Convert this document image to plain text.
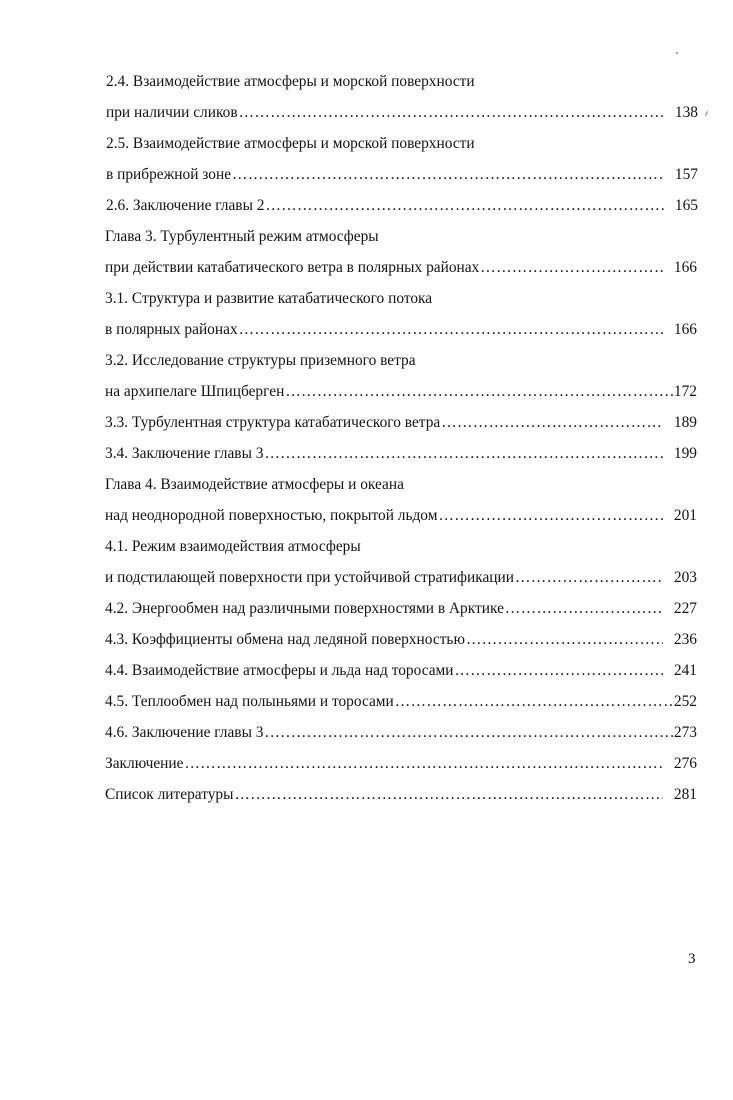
2.4. Взаимодействие атмосферы и морской поверхности
при наличии сликов ………………………………………………………………………………………………………………………………………………………………………………………	138
2.5. Взаимодействие атмосферы и морской поверхности
в прибрежной зоне ………………………………………………………………………………………………………………………………………………………………………………………	157
2.6. Заключение главы 2 ………………………………………………………………………………………………………………………………………………………………………………………	165
Глава 3. Турбулентный режим атмосферы
при действии катабатического ветра в полярных районах ………………………………………………………………………………………………………………………………………………………………………………………	166
3.1. Структура и развитие катабатического потока
в полярных районах ………………………………………………………………………………………………………………………………………………………………………………………	166
3.2. Исследование структуры приземного ветра
на архипелаге Шпицберген ………………………………………………………………………………………………………………………………………………………………………………………	172
3.3. Турбулентная структура катабатического ветра ………………………………………………………………………………………………………………………………………………………………………………………	189
3.4. Заключение главы 3 ………………………………………………………………………………………………………………………………………………………………………………………	199
Глава 4. Взаимодействие атмосферы и океана
над неоднородной поверхностью, покрытой льдом ………………………………………………………………………………………………………………………………………………………………………………………	201
4.1. Режим взаимодействия атмосферы
и подстилающей поверхности при устойчивой стратификации ………………………………………………………………………………………………………………………………………………………………………………………	203
4.2. Энергообмен над различными поверхностями в Арктике ………………………………………………………………………………………………………………………………………………………………………………………	227
4.3. Коэффициенты обмена над ледяной поверхностью ………………………………………………………………………………………………………………………………………………………………………………………	236
4.4. Взаимодействие атмосферы и льда над торосами ………………………………………………………………………………………………………………………………………………………………………………………	241
4.5. Теплообмен над полыньями и торосами ………………………………………………………………………………………………………………………………………………………………………………………	252
4.6. Заключение главы 3 ………………………………………………………………………………………………………………………………………………………………………………………	273
Заключение ………………………………………………………………………………………………………………………………………………………………………………………	276
Список литературы ………………………………………………………………………………………………………………………………………………………………………………………	281
3
